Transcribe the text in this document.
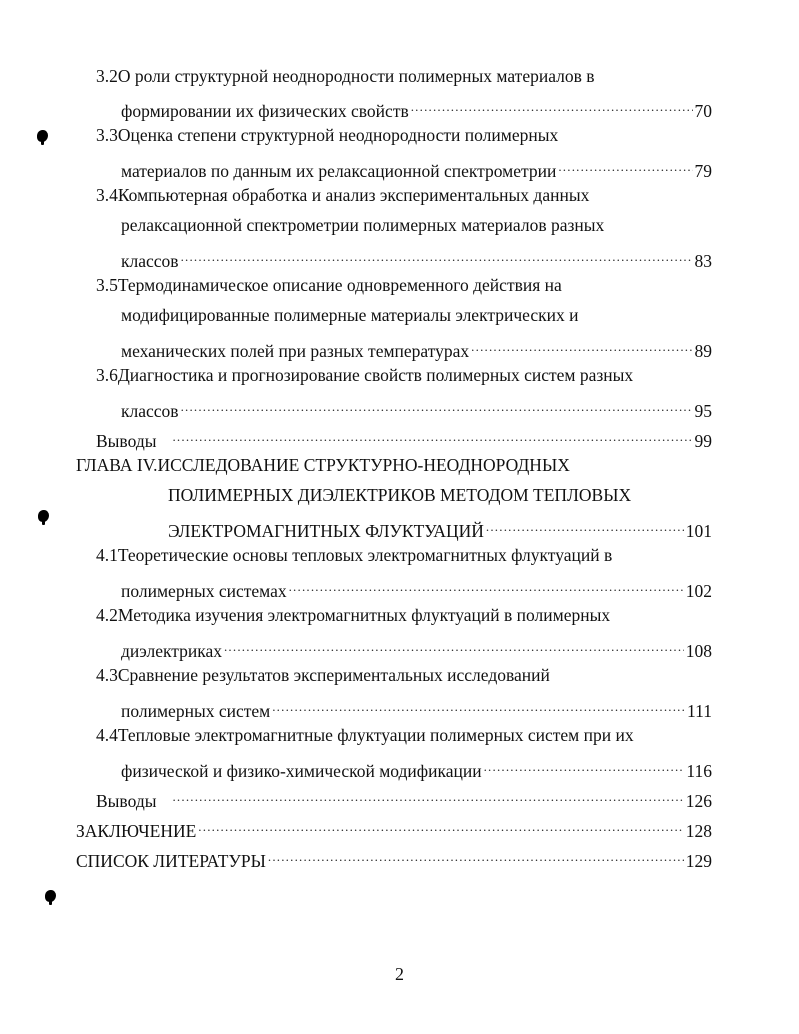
3.2 О роли структурной неоднородности полимерных материалов в
формировании их физических свойств .....	70
3.3 Оценка степени структурной неоднородности полимерных
материалов по данным их релаксационной спектрометрии .....	79
3.4 Компьютерная обработка и анализ экспериментальных данных
релаксационной спектрометрии полимерных материалов разных
классов .....	83
3.5 Термодинамическое описание одновременного действия на
модифицированные полимерные материалы электрических и
механических полей при разных температурах .....	89
3.6 Диагностика и прогнозирование свойств полимерных систем разных
классов .....	95
Выводы .....	99
ГЛАВА IV. ИССЛЕДОВАНИЕ СТРУКТУРНО-НЕОДНОРОДНЫХ
ПОЛИМЕРНЫХ ДИЭЛЕКТРИКОВ МЕТОДОМ ТЕПЛОВЫХ
ЭЛЕКТРОМАГНИТНЫХ ФЛУКТУАЦИЙ .....	101
4.1 Теоретические основы тепловых электромагнитных флуктуаций в
полимерных системах .....	102
4.2 Методика изучения электромагнитных флуктуаций в полимерных
диэлектриках .....	108
4.3 Сравнение результатов экспериментальных исследований
полимерных систем .....	111
4.4 Тепловые электромагнитные флуктуации полимерных систем при их
физической и физико-химической модификации .....	116
Выводы .....	126
ЗАКЛЮЧЕНИЕ .....	128
СПИСОК ЛИТЕРАТУРЫ .....	129
2
